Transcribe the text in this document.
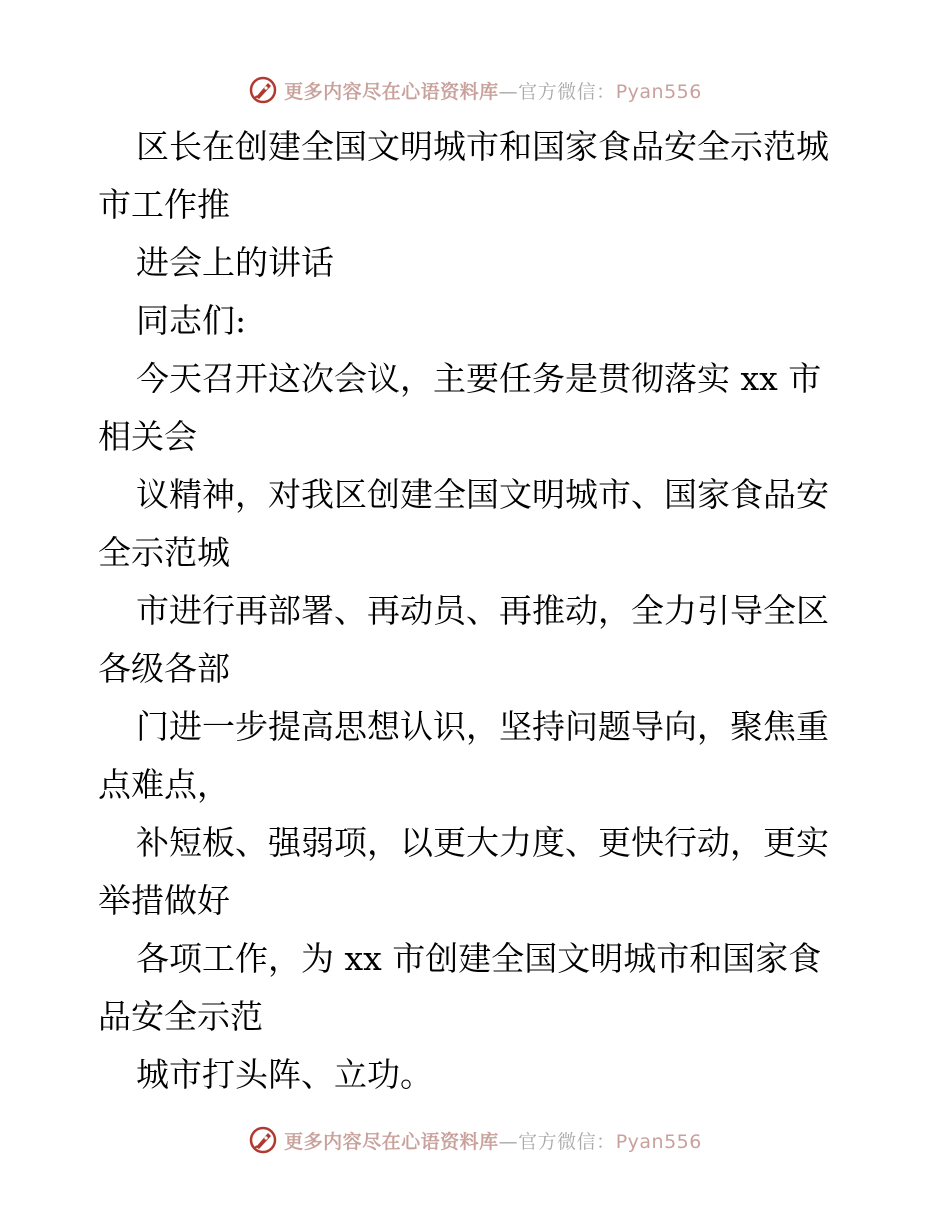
更多内容尽在心语资料库—官方微信：Pyan556
区长在创建全国文明城市和国家食品安全示范城
市工作推
进会上的讲话
同志们:
今天召开这次会议，主要任务是贯彻落实 xx 市
相关会
议精神，对我区创建全国文明城市、国家食品安
全示范城
市进行再部署、再动员、再推动，全力引导全区
各级各部
门进一步提高思想认识，坚持问题导向，聚焦重
点难点，
补短板、强弱项，以更大力度、更快行动，更实
举措做好
各项工作，为 xx 市创建全国文明城市和国家食
品安全示范
城市打头阵、立功。
更多内容尽在心语资料库—官方微信：Pyan556
